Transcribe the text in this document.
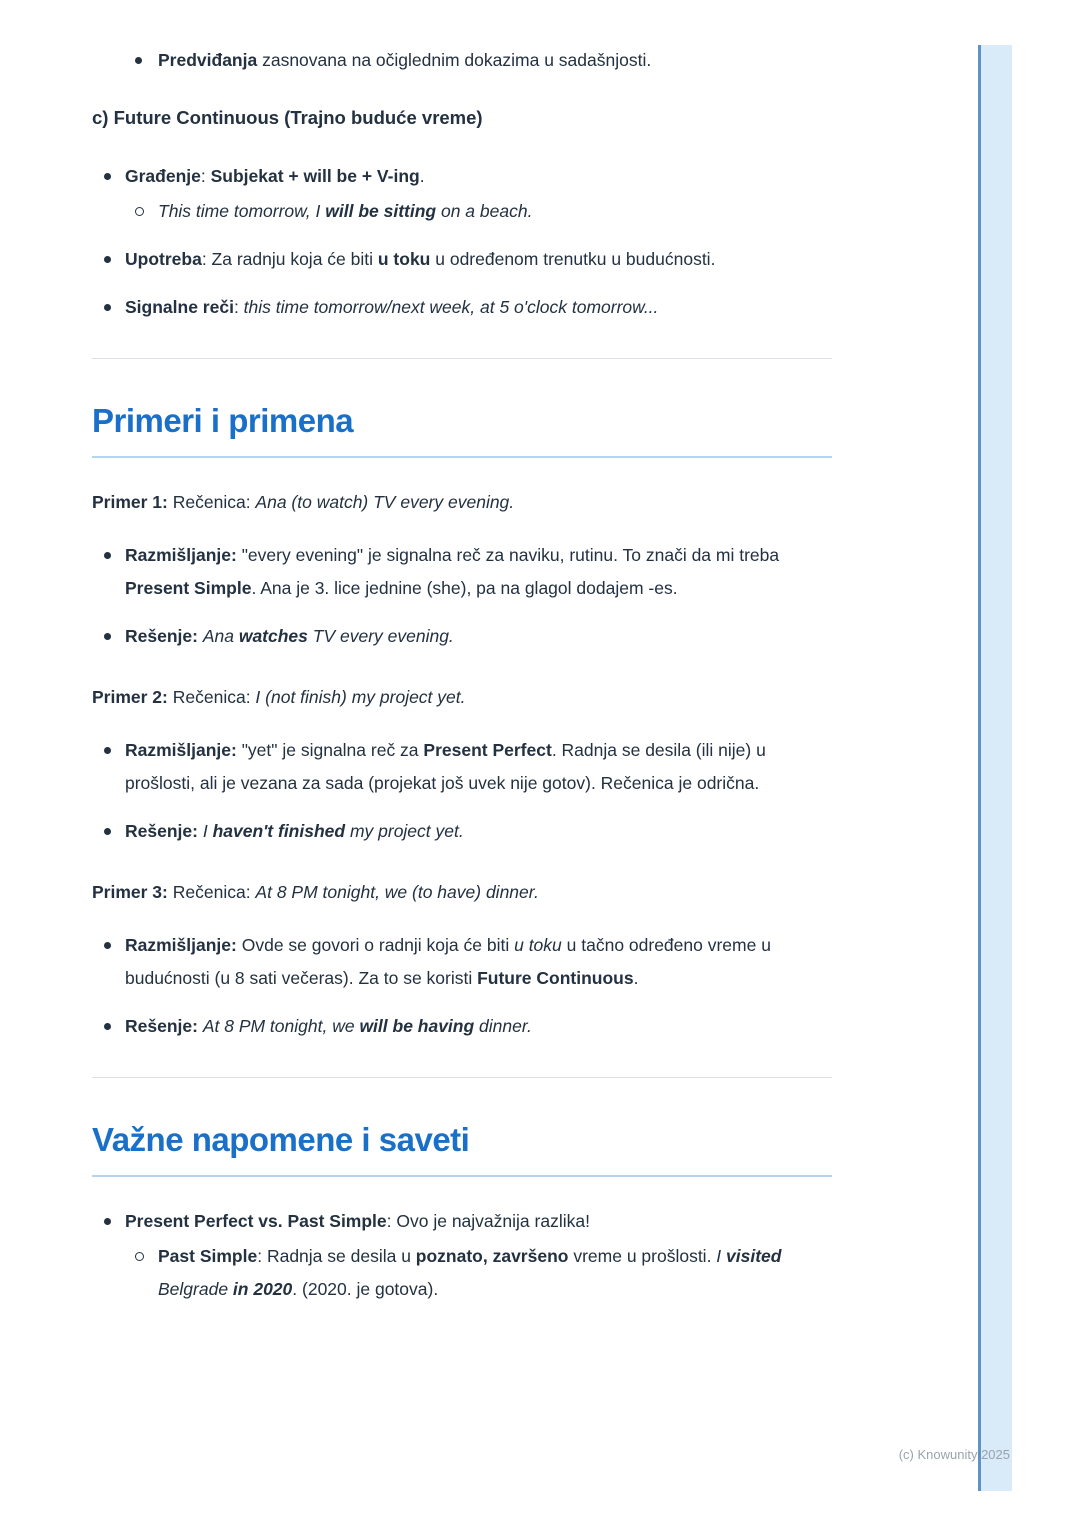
Predviđanja zasnovana na očiglednim dokazima u sadašnjosti.

c) Future Continuous (Trajno buduće vreme)

Građenje: Subjekat + will be + V-ing.
This time tomorrow, I will be sitting on a beach.
Upotreba: Za radnju koja će biti u toku u određenom trenutku u budućnosti.
Signalne reči: this time tomorrow/next week, at 5 o'clock tomorrow...
Primeri i primena

Primer 1: Rečenica: Ana (to watch) TV every evening.

Razmišljanje: "every evening" je signalna reč za naviku, rutinu. To znači da mi treba Present Simple. Ana je 3. lice jednine (she), pa na glagol dodajem -es.
Rešenje: Ana watches TV every evening.

Primer 2: Rečenica: I (not finish) my project yet.

Razmišljanje: "yet" je signalna reč za Present Perfect. Radnja se desila (ili nije) u prošlosti, ali je vezana za sada (projekat još uvek nije gotov). Rečenica je odrična.
Rešenje: I haven't finished my project yet.

Primer 3: Rečenica: At 8 PM tonight, we (to have) dinner.

Razmišljanje: Ovde se govori o radnji koja će biti u toku u tačno određeno vreme u budućnosti (u 8 sati večeras). Za to se koristi Future Continuous.
Rešenje: At 8 PM tonight, we will be having dinner.
Važne napomene i saveti
Present Perfect vs. Past Simple: Ovo je najvažnija razlika!
Past Simple: Radnja se desila u poznato, završeno vreme u prošlosti. I visited Belgrade in 2020. (2020. je gotova).
(c) Knowunity 2025
